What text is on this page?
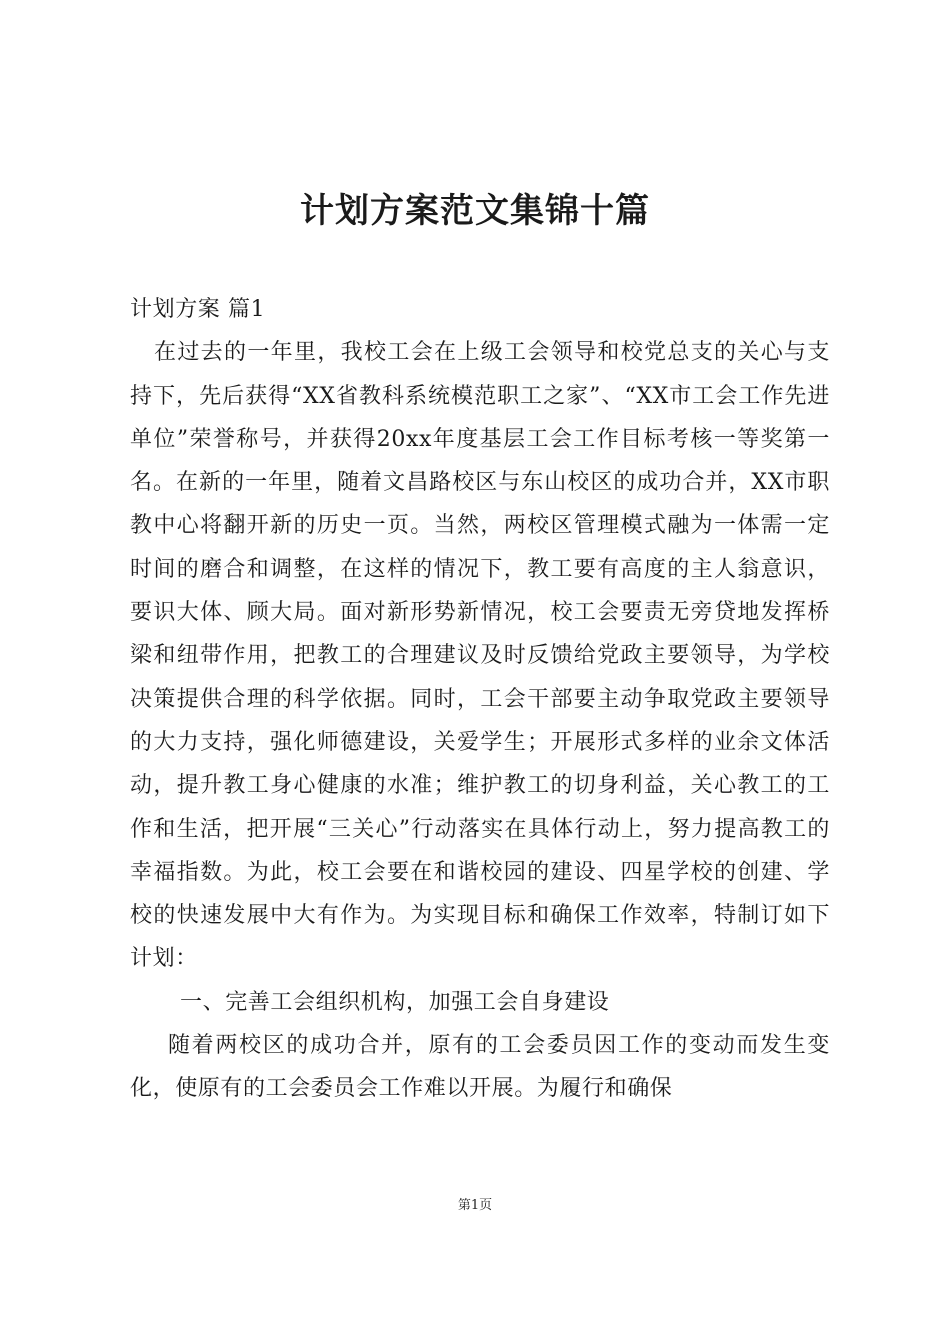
计划方案范文集锦十篇

计划方案 篇1

在过去的一年里，我校工会在上级工会领导和校党总支的关心与支持下，先后获得“XX省教科系统模范职工之家”、“XX市工会工作先进单位”荣誉称号，并获得20xx年度基层工会工作目标考核一等奖第一名。在新的一年里，随着文昌路校区与东山校区的成功合并，XX市职教中心将翻开新的历史一页。当然，两校区管理模式融为一体需一定时间的磨合和调整，在这样的情况下，教工要有高度的主人翁意识，要识大体、顾大局。面对新形势新情况，校工会要责无旁贷地发挥桥梁和纽带作用，把教工的合理建议及时反馈给党政主要领导，为学校决策提供合理的科学依据。同时，工会干部要主动争取党政主要领导的大力支持，强化师德建设，关爱学生；开展形式多样的业余文体活动，提升教工身心健康的水准；维护教工的切身利益，关心教工的工作和生活，把开展“三关心”行动落实在具体行动上，努力提高教工的幸福指数。为此，校工会要在和谐校园的建设、四星学校的创建、学校的快速发展中大有作为。为实现目标和确保工作效率，特制订如下计划：

一、完善工会组织机构，加强工会自身建设

随着两校区的成功合并，原有的工会委员因工作的变动而发生变化，使原有的工会委员会工作难以开展。为履行和确保

第1页
